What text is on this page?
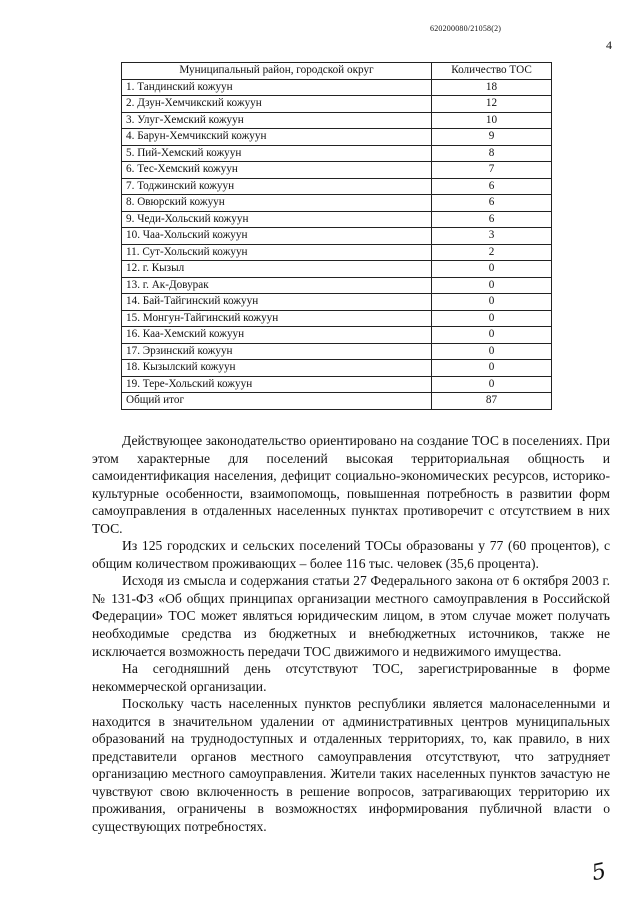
620200080/21058(2)
4
Муниципальный район, городской округ	Количество ТОС
1. Тандинский кожуун	18
2. Дзун-Хемчикский кожуун	12
3. Улуг-Хемский кожуун	10
4. Барун-Хемчикский кожуун	9
5. Пий-Хемский кожуун	8
6. Тес-Хемский кожуун	7
7. Тоджинский кожуун	6
8. Овюрский кожуун	6
9. Чеди-Хольский кожуун	6
10. Чаа-Хольский кожуун	3
11. Сут-Хольский кожуун	2
12. г. Кызыл	0
13. г. Ак-Довурак	0
14. Бай-Тайгинский кожуун	0
15. Монгун-Тайгинский кожуун	0
16. Каа-Хемский кожуун	0
17. Эрзинский кожуун	0
18. Кызылский кожуун	0
19. Тере-Хольский кожуун	0
Общий итог	87

Действующее законодательство ориентировано на создание ТОС в поселениях. При этом характерные для поселений высокая территориальная общность и самоидентификация населения, дефицит социально-экономических ресурсов, историко-культурные особенности, взаимопомощь, повышенная потребность в развитии форм самоуправления в отдаленных населенных пунктах противоречит с отсутствием в них ТОС.

Из 125 городских и сельских поселений ТОСы образованы у 77 (60 процентов), с общим количеством проживающих – более 116 тыс. человек (35,6 процента).

Исходя из смысла и содержания статьи 27 Федерального закона от 6 октября 2003 г. № 131-ФЗ «Об общих принципах организации местного самоуправления в Российской Федерации» ТОС может являться юридическим лицом, в этом случае может получать необходимые средства из бюджетных и внебюджетных источников, также не исключается возможность передачи ТОС движимого и недвижимого имущества.

На сегодняшний день отсутствуют ТОС, зарегистрированные в форме некоммерческой организации.

Поскольку часть населенных пунктов республики является малонаселенными и находится в значительном удалении от административных центров муниципальных образований на труднодоступных и отдаленных территориях, то, как правило, в них представители органов местного самоуправления отсутствуют, что затрудняет организацию местного самоуправления. Жители таких населенных пунктов зачастую не чувствуют свою включенность в решение вопросов, затрагивающих территорию их проживания, ограничены в возможностях информирования публичной власти о существующих потребностях.

5
